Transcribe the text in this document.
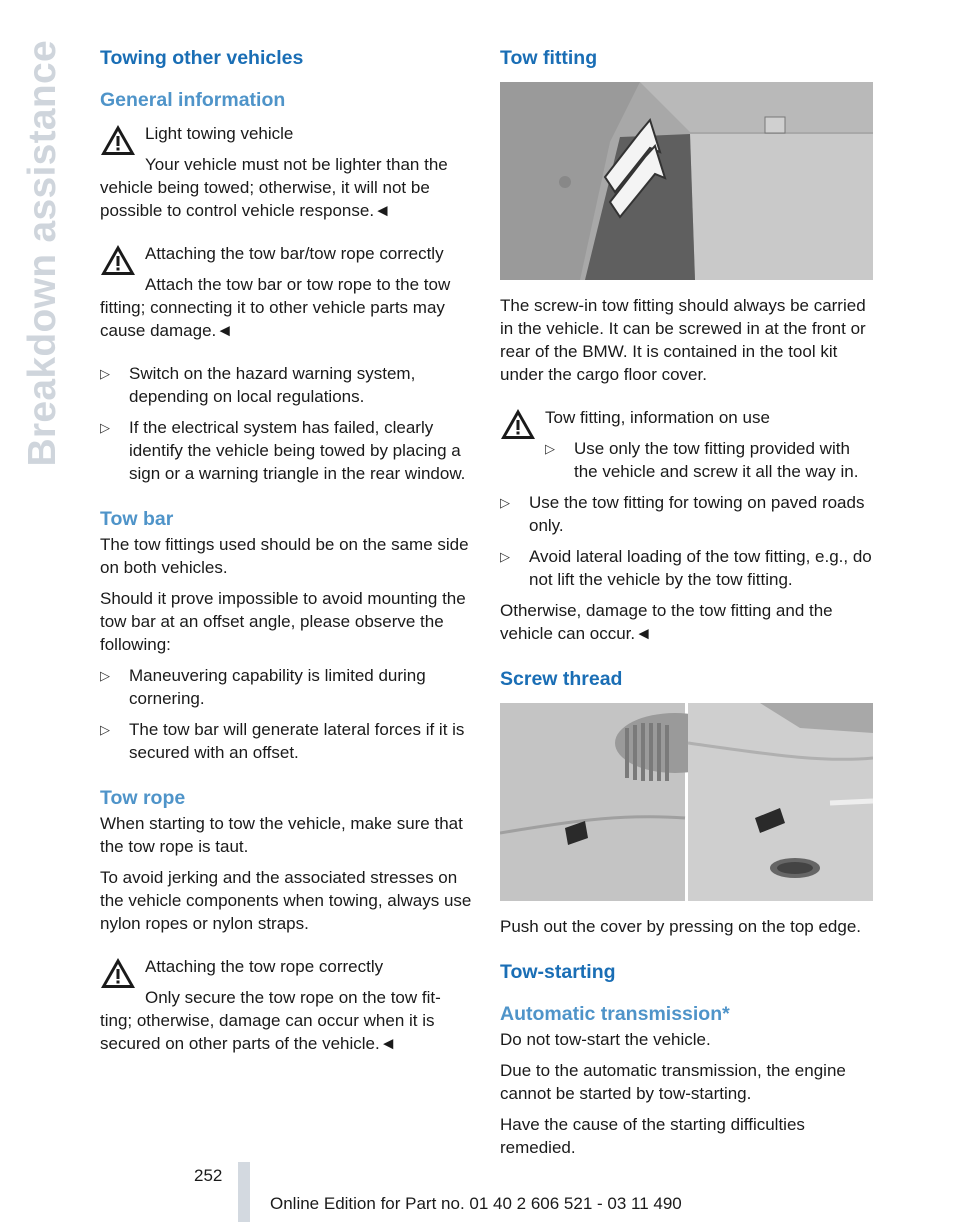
Breakdown assistance Towing other vehicles
General information

Light towing vehicle

Your vehicle must not be lighter than the

vehicle being towed; otherwise, it will not be possible to control vehicle response.◄

Attaching the tow bar/tow rope correctly

Attach the tow bar or tow rope to the tow

fitting; connecting it to other vehicle parts may cause damage.◄

▷ Switch on the hazard warning system, depending on local regulations.
▷ If the electrical system has failed, clearly identify the vehicle being towed by placing a sign or a warning triangle in the rear window.
Tow bar

The tow fittings used should be on the same side on both vehicles.

Should it prove impossible to avoid mounting the tow bar at an offset angle, please observe the following:

▷ Maneuvering capability is limited during cornering.
▷ The tow bar will generate lateral forces if it is secured with an offset.
Tow rope

When starting to tow the vehicle, make sure that the tow rope is taut.

To avoid jerking and the associated stresses on the vehicle components when towing, always use nylon ropes or nylon straps.

Attaching the tow rope correctly

Only secure the tow rope on the tow fit-

ting; otherwise, damage can occur when it is secured on other parts of the vehicle.◄

Tow fitting

The screw-in tow fitting should always be carried in the vehicle. It can be screwed in at the front or rear of the BMW. It is contained in the tool kit under the cargo floor cover.

Tow fitting, information on use

▷ Use only the tow fitting provided with the vehicle and screw it all the way in.
▷ Use the tow fitting for towing on paved roads only.
▷ Avoid lateral loading of the tow fitting, e.g., do not lift the vehicle by the tow fitting.

Otherwise, damage to the tow fitting and the vehicle can occur.◄

Screw thread

Push out the cover by pressing on the top edge.

Tow-starting
Automatic transmission*

Do not tow-start the vehicle.

Due to the automatic transmission, the engine cannot be started by tow-starting.

Have the cause of the starting difficulties remedied.

252
Online Edition for Part no. 01 40 2 606 521 - 03 11 490
